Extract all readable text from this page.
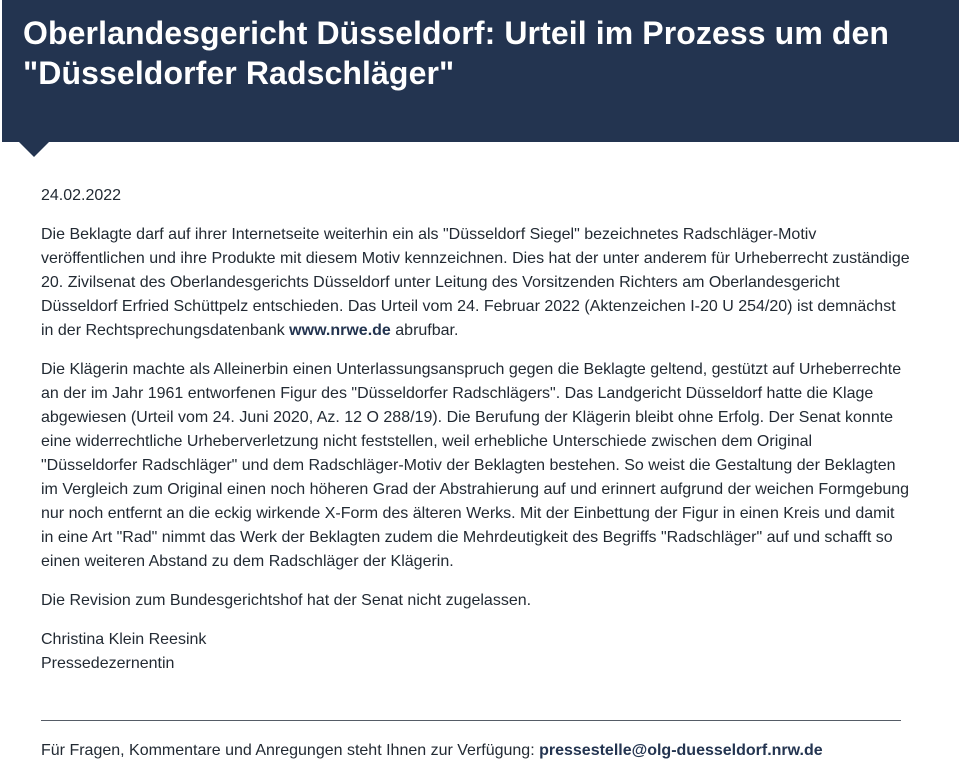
Oberlandesgericht Düsseldorf: Urteil im Prozess um den "Düsseldorfer Radschläger"

24.02.2022

Die Beklagte darf auf ihrer Internetseite weiterhin ein als "Düsseldorf Siegel" bezeichnetes Radschläger-Motiv veröffentlichen und ihre Produkte mit diesem Motiv kennzeichnen. Dies hat der unter anderem für Urheberrecht zuständige 20. Zivilsenat des Oberlandesgerichts Düsseldorf unter Leitung des Vorsitzenden Richters am Oberlandesgericht Düsseldorf Erfried Schüttpelz entschieden. Das Urteil vom 24. Februar 2022 (Aktenzeichen I-20 U 254/20) ist demnächst in der Rechtsprechungsdatenbank www.nrwe.de abrufbar.

Die Klägerin machte als Alleinerbin einen Unterlassungsanspruch gegen die Beklagte geltend, gestützt auf Urheberrechte an der im Jahr 1961 entworfenen Figur des "Düsseldorfer Radschlägers". Das Landgericht Düsseldorf hatte die Klage abgewiesen (Urteil vom 24. Juni 2020, Az. 12 O 288/19). Die Berufung der Klägerin bleibt ohne Erfolg. Der Senat konnte eine widerrechtliche Urheberverletzung nicht feststellen, weil erhebliche Unterschiede zwischen dem Original "Düsseldorfer Radschläger" und dem Radschläger-Motiv der Beklagten bestehen. So weist die Gestaltung der Beklagten im Vergleich zum Original einen noch höheren Grad der Abstrahierung auf und erinnert aufgrund der weichen Formgebung nur noch entfernt an die eckig wirkende X-Form des älteren Werks. Mit der Einbettung der Figur in einen Kreis und damit in eine Art "Rad" nimmt das Werk der Beklagten zudem die Mehrdeutigkeit des Begriffs "Radschläger" auf und schafft so einen weiteren Abstand zu dem Radschläger der Klägerin.

Die Revision zum Bundesgerichtshof hat der Senat nicht zugelassen.

Christina Klein Reesink
Pressedezernentin
Für Fragen, Kommentare und Anregungen steht Ihnen zur Verfügung: pressestelle@olg-duesseldorf.nrw.de
